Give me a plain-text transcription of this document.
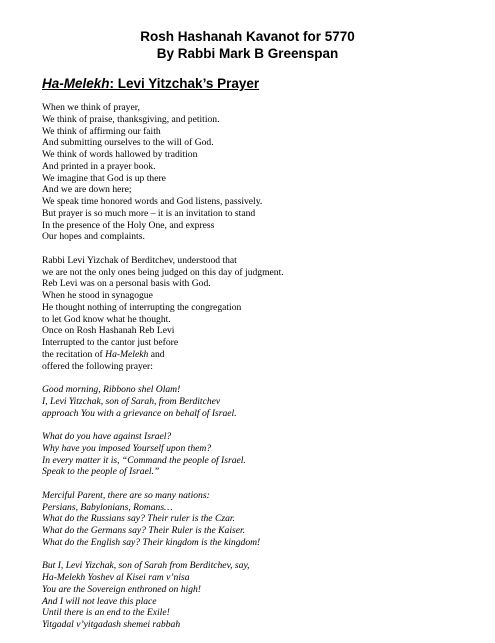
Rosh Hashanah Kavanot for 5770
By Rabbi Mark B Greenspan
Ha-Melekh: Levi Yitzchak’s Prayer

When we think of prayer,
We think of praise, thanksgiving, and petition.
We think of affirming our faith
And submitting ourselves to the will of God.
We think of words hallowed by tradition
And printed in a prayer book.
We imagine that God is up there
And we are down here;
We speak time honored words and God listens, passively.
But prayer is so much more – it is an invitation to stand
In the presence of the Holy One, and express
Our hopes and complaints.

Rabbi Levi Yizchak of Berditchev, understood that
we are not the only ones being judged on this day of judgment.
Reb Levi was on a personal basis with God.
When he stood in synagogue
He thought nothing of interrupting the congregation
to let God know what he thought.
Once on Rosh Hashanah Reb Levi
Interrupted to the cantor just before
the recitation of Ha-Melekh and
offered the following prayer:

Good morning, Ribbono shel Olam!
I, Levi Yitzchak, son of Sarah, from Berditchev
approach You with a grievance on behalf of Israel.

What do you have against Israel?
Why have you imposed Yourself upon them?
In every matter it is, “Command the people of Israel.
Speak to the people of Israel.”

Merciful Parent, there are so many nations:
Persians, Babylonians, Romans…
What do the Russians say? Their ruler is the Czar.
What do the Germans say? Their Ruler is the Kaiser.
What do the English say? Their kingdom is the kingdom!

But I, Levi Yizchak, son of Sarah from Berditchev, say,
Ha-Melekh Yoshev al Kisei ram v’nisa
You are the Sovereign enthroned on high!
And I will not leave this place
Until there is an end to the Exile!
Yitgadal v’yitgadash shemei rabbah
